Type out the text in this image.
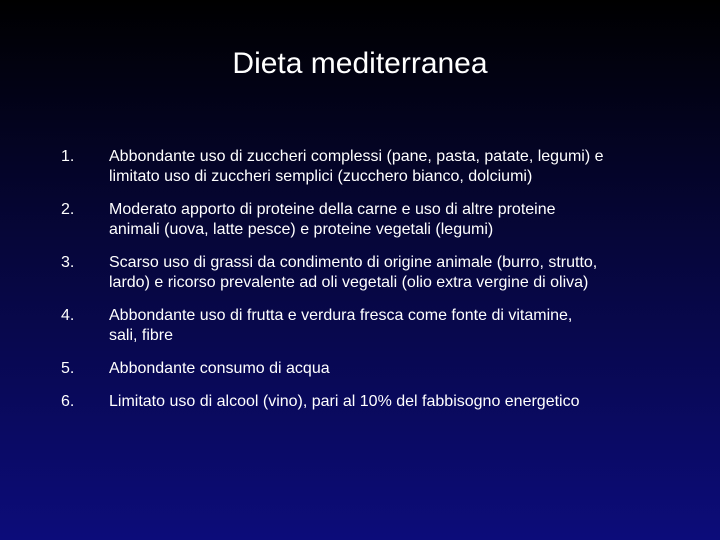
Dieta mediterranea
1. Abbondante uso di zuccheri complessi (pane, pasta, patate, legumi) e
limitato uso di zuccheri semplici (zucchero bianco, dolciumi)
2. Moderato apporto di proteine della carne e uso di altre proteine
animali (uova, latte pesce) e proteine vegetali (legumi)
3. Scarso uso di grassi da condimento di origine animale (burro, strutto,
lardo) e ricorso prevalente ad oli vegetali (olio extra vergine di oliva)
4. Abbondante uso di frutta e verdura fresca come fonte di vitamine,
sali, fibre
5. Abbondante consumo di acqua
6. Limitato uso di alcool (vino), pari al 10% del fabbisogno energetico
